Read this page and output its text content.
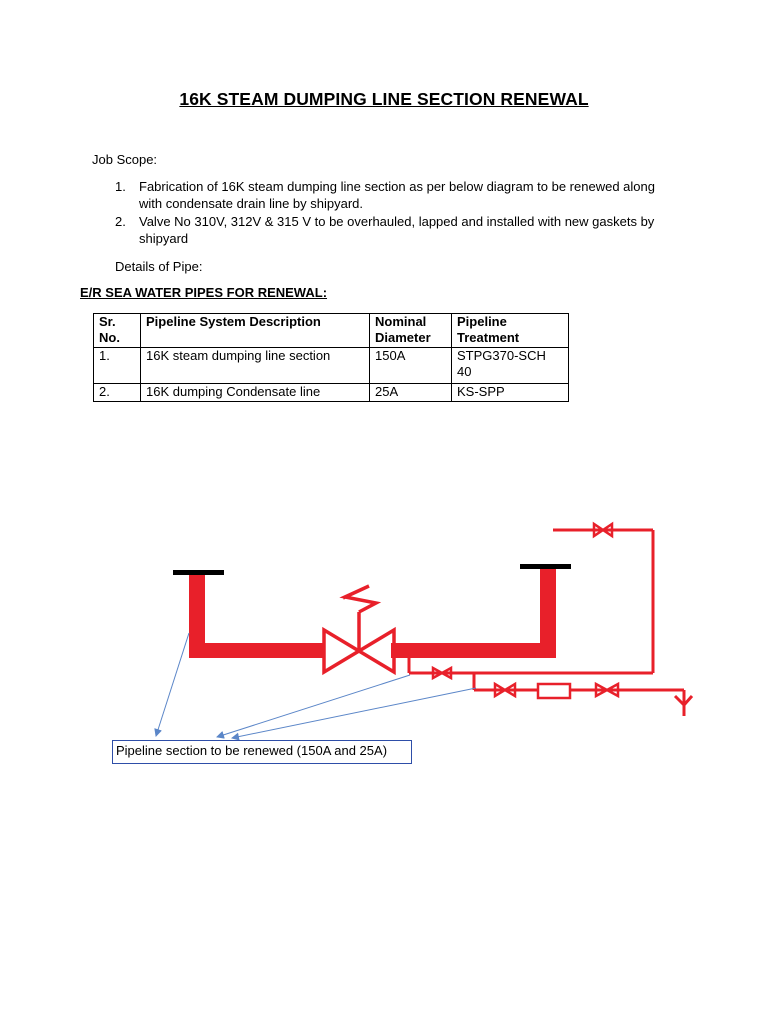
16K STEAM DUMPING LINE SECTION RENEWAL
Job Scope:
1. Fabrication of 16K steam dumping line section as per below diagram to be renewed along with condensate drain line by shipyard.
2. Valve No 310V, 312V & 315 V to be overhauled, lapped and installed with new gaskets by shipyard
Details of Pipe:
E/R SEA WATER PIPES FOR RENEWAL:
Sr. No.	Pipeline System Description	Nominal Diameter	Pipeline Treatment
1.	16K steam dumping line section	150A	STPG370-SCH 40
2.	16K dumping Condensate line	25A	KS-SPP
Pipeline section to be renewed (150A and 25A)
